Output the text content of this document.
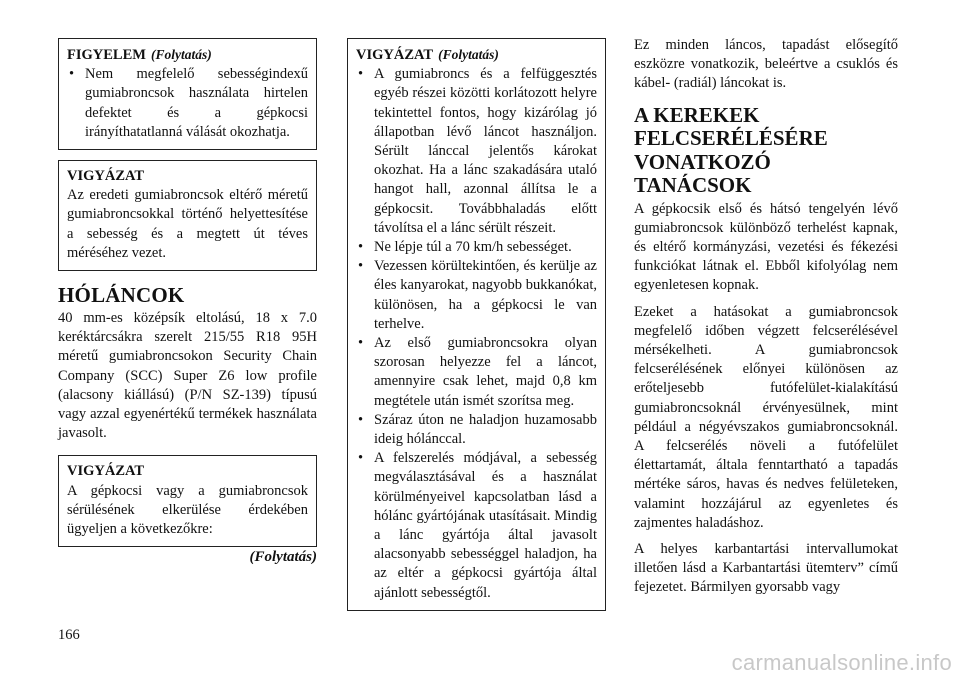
FIGYELEM (Folytatás)
• Nem megfelelő sebességindexű gumiabroncsok használata hirtelen defektet és a gépkocsi irányíthatatlanná válását okozhatja.
VIGYÁZAT

Az eredeti gumiabroncsok eltérő méretű gumiabroncsokkal történő helyettesítése a sebesség és a megtett út téves méréséhez vezet.

HÓLÁNCOK

40 mm-es középsík eltolású, 18 x 7.0 keréktárcsákra szerelt 215/55 R18 95H méretű gumiabroncsokon Security Chain Company (SCC) Super Z6 low profile (alacsony kiállású) (P/N SZ-139) típusú vagy azzal egyenértékű termékek használata javasolt.

VIGYÁZAT

A gépkocsi vagy a gumiabroncsok sérülésének elkerülése érdekében ügyeljen a következőkre:

(Folytatás)
VIGYÁZAT (Folytatás)
• A gumiabroncs és a felfüggesztés egyéb részei közötti korlátozott helyre tekintettel fontos, hogy kizárólag jó állapotban lévő láncot használjon. Sérült lánccal jelentős károkat okozhat. Ha a lánc szakadására utaló hangot hall, azonnal állítsa le a gépkocsit. Továbbhaladás előtt távolítsa el a lánc sérült részeit.
• Ne lépje túl a 70 km/h sebességet.
• Vezessen körültekintően, és kerülje az éles kanyarokat, nagyobb bukkanókat, különösen, ha a gépkocsi le van terhelve.
• Az első gumiabroncsokra olyan szorosan helyezze fel a láncot, amennyire csak lehet, majd 0,8 km megtétele után ismét szorítsa meg.
• Száraz úton ne haladjon huzamosabb ideig hólánccal.
• A felszerelés módjával, a sebesség megválasztásával és a használat körülményeivel kapcsolatban lásd a hólánc gyártójának utasításait. Mindig a lánc gyártója által javasolt alacsonyabb sebességgel haladjon, ha az eltér a gépkocsi gyártója által ajánlott sebességtől.

Ez minden láncos, tapadást elősegítő eszközre vonatkozik, beleértve a csuklós és kábel- (radiál) láncokat is.

A KEREKEK
FELCSERÉLÉSÉRE
VONATKOZÓ
TANÁCSOK

A gépkocsik első és hátsó tengelyén lévő gumiabroncsok különböző terhelést kapnak, és eltérő kormányzási, vezetési és fékezési funkciókat látnak el. Ebből kifolyólag nem egyenletesen kopnak.

Ezeket a hatásokat a gumiabroncsok megfelelő időben végzett felcserélésével mérsékelheti. A gumiabroncsok felcserélésének előnyei különösen az erőteljesebb futófelület-kialakítású gumiabroncsoknál érvényesülnek, mint például a négyévszakos gumiabroncsoknál. A felcserélés növeli a futófelület élettartamát, általa fenntartható a tapadás mértéke sáros, havas és nedves felületeken, valamint hozzájárul az egyenletes és zajmentes haladáshoz.

A helyes karbantartási intervallumokat illetően lásd a Karbantartási ütemterv” című fejezetet. Bármilyen gyorsabb vagy

166
carmanualsonline.info
